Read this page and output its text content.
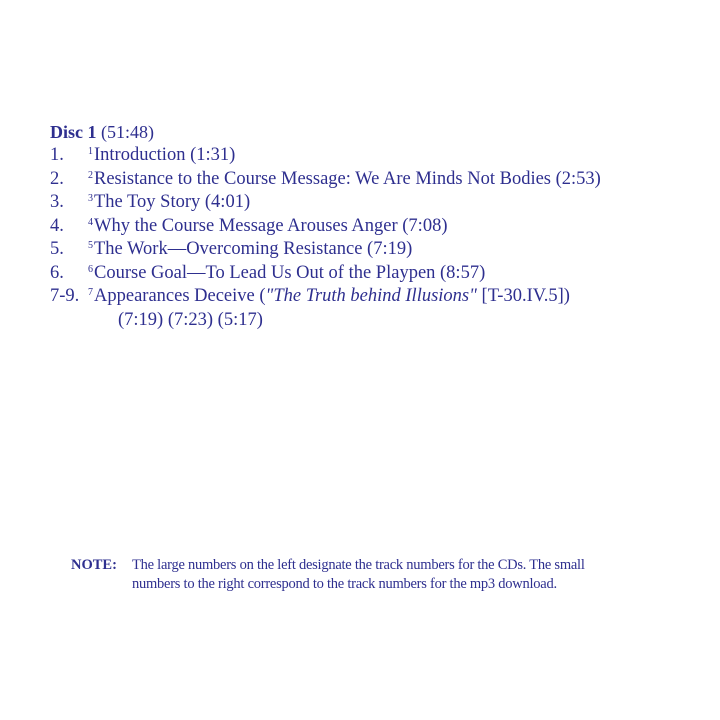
Disc 1 (51:48)
1. $^1$Introduction (1:31)
2. $^2$Resistance to the Course Message: We Are Minds Not Bodies (2:53)
3. $^3$The Toy Story (4:01)
4. $^4$Why the Course Message Arouses Anger (7:08)
5. $^5$The Work—Overcoming Resistance (7:19)
6. $^6$Course Goal—To Lead Us Out of the Playpen (8:57)
7-9. $^7$Appearances Deceive ("The Truth behind Illusions" [T-30.IV.5])
(7:19) (7:23) (5:17)
NOTE: The large numbers on the left designate the track numbers for the CDs. The small
numbers to the right correspond to the track numbers for the mp3 download.
